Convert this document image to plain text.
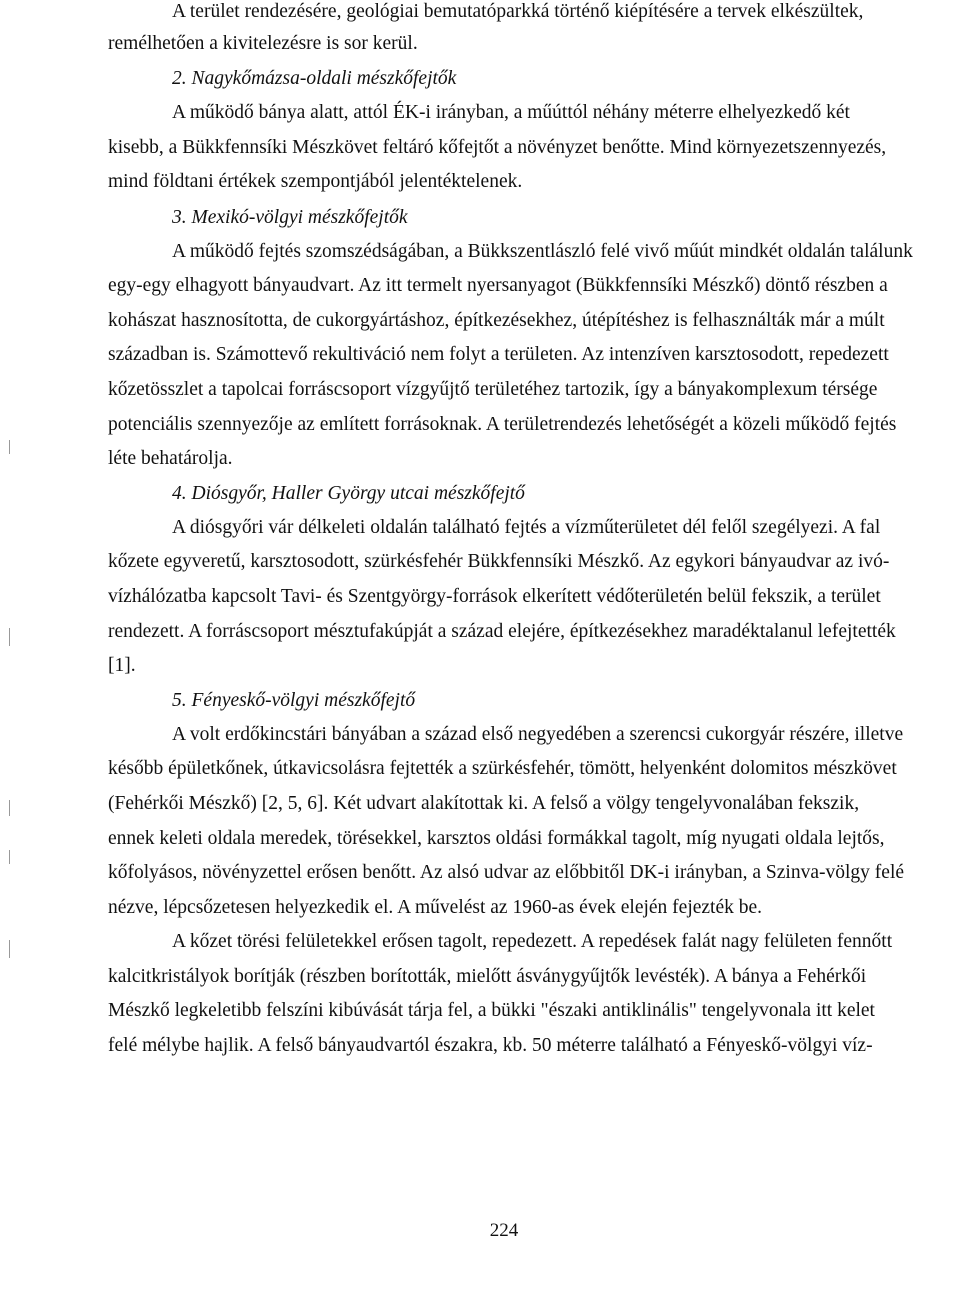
A terület rendezésére, geológiai bemutatóparkká történő kiépítésére a tervek elkészültek,
remélhetően a kivitelezésre is sor kerül.
2. Nagykőmázsa-oldali mészkőfejtők
A működő bánya alatt, attól ÉK-i irányban, a műúttól néhány méterre elhelyezkedő két
kisebb, a Bükkfennsíki Mészkövet feltáró kőfejtőt a növényzet benőtte. Mind környezetszennyezés,
mind földtani értékek szempontjából jelentéktelenek.
3. Mexikó-völgyi mészkőfejtők
A működő fejtés szomszédságában, a Bükkszentlászló felé vivő műút mindkét oldalán találunk
egy-egy elhagyott bányaudvart. Az itt termelt nyersanyagot (Bükkfennsíki Mészkő) döntő részben a
kohászat hasznosította, de cukorgyártáshoz, építkezésekhez, útépítéshez is felhasználták már a múlt
században is. Számottevő rekultiváció nem folyt a területen. Az intenzíven karsztosodott, repedezett
kőzetösszlet a tapolcai forráscsoport vízgyűjtő területéhez tartozik, így a bányakomplexum térsége
potenciális szennyezője az említett forrásoknak. A területrendezés lehetőségét a közeli működő fejtés
léte behatárolja.
4. Diósgyőr, Haller György utcai mészkőfejtő
A diósgyőri vár délkeleti oldalán található fejtés a vízműterületet dél felől szegélyezi. A fal
kőzete egyveretű, karsztosodott, szürkésfehér Bükkfennsíki Mészkő. Az egykori bányaudvar az ivó-
vízhálózatba kapcsolt Tavi- és Szentgyörgy-források elkerített védőterületén belül fekszik, a terület
rendezett. A forráscsoport mésztufakúpját a század elejére, építkezésekhez maradéktalanul lefejtették
[1].
5. Fényeskő-völgyi mészkőfejtő
A volt erdőkincstári bányában a század első negyedében a szerencsi cukorgyár részére, illetve
később épületkőnek, útkavicsolásra fejtették a szürkésfehér, tömött, helyenként dolomitos mészkövet
(Fehérkői Mészkő) [2, 5, 6]. Két udvart alakítottak ki. A felső a völgy tengelyvonalában fekszik,
ennek keleti oldala meredek, törésekkel, karsztos oldási formákkal tagolt, míg nyugati oldala lejtős,
kőfolyásos, növényzettel erősen benőtt. Az alsó udvar az előbbitől DK-i irányban, a Szinva-völgy felé
nézve, lépcsőzetesen helyezkedik el. A művelést az 1960-as évek elején fejezték be.
A kőzet törési felületekkel erősen tagolt, repedezett. A repedések falát nagy felületen fennőtt
kalcitkristályok borítják (részben borították, mielőtt ásványgyűjtők levésték). A bánya a Fehérkői
Mészkő legkeletibb felszíni kibúvását tárja fel, a bükki "északi antiklinális" tengelyvonala itt kelet
felé mélybe hajlik. A felső bányaudvartól északra, kb. 50 méterre található a Fényeskő-völgyi víz-
224
